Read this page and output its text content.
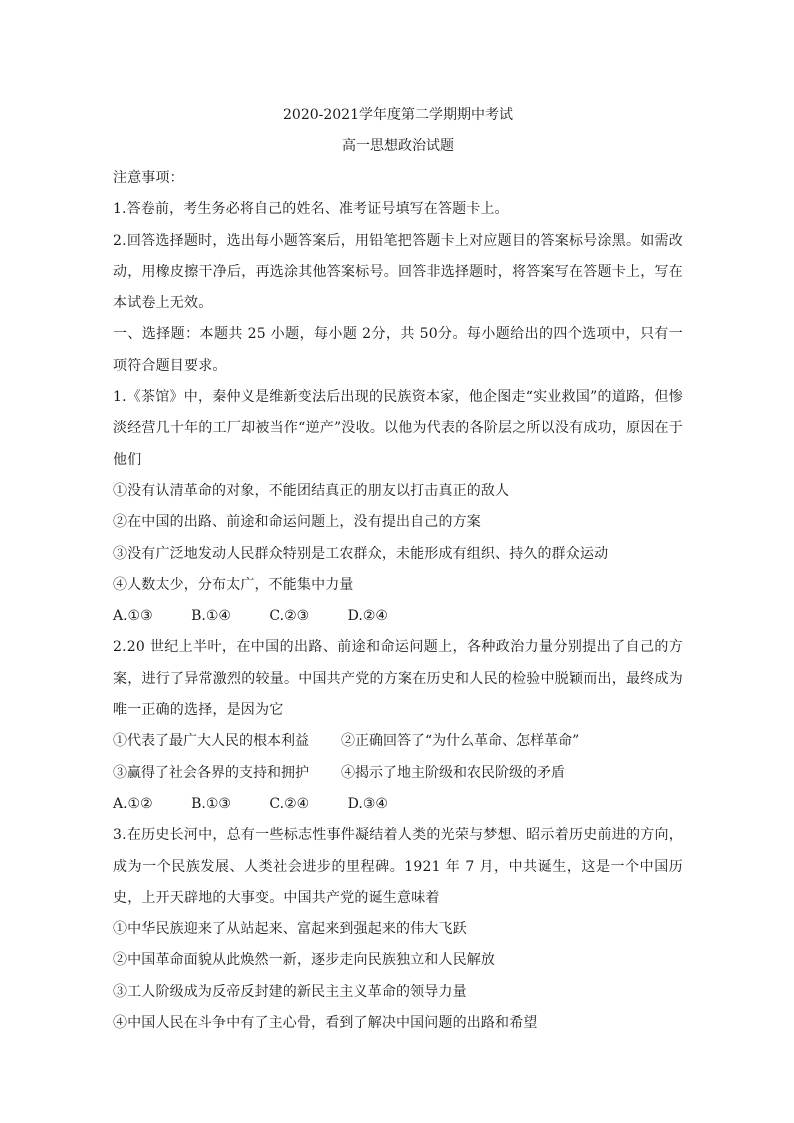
2020-2021学年度第二学期期中考试
高一思想政治试题
注意事项：
1.答卷前，考生务必将自己的姓名、准考证号填写在答题卡上。
2.回答选择题时，选出每小题答案后，用铅笔把答题卡上对应题目的答案标号涂黑。如需改动，用橡皮擦干净后，再选涂其他答案标号。回答非选择题时，将答案写在答题卡上，写在本试卷上无效。
一、选择题：本题共 25 小题，每小题 2分，共 50分。每小题给出的四个选项中，只有一项符合题目要求。
1.《茶馆》中，秦仲义是维新变法后出现的民族资本家，他企图走“实业救国”的道路，但惨淡经营几十年的工厂却被当作“逆产”没收。以他为代表的各阶层之所以没有成功，原因在于他们
①没有认清革命的对象，不能团结真正的朋友以打击真正的敌人
②在中国的出路、前途和命运问题上，没有提出自己的方案
③没有广泛地发动人民群众特别是工农群众，未能形成有组织、持久的群众运动
④人数太少，分布太广，不能集中力量
A.①③	B.①④	C.②③	D.②④
2.20 世纪上半叶，在中国的出路、前途和命运问题上，各种政治力量分别提出了自己的方案，进行了异常激烈的较量。中国共产党的方案在历史和人民的检验中脱颖而出，最终成为唯一正确的选择，是因为它
①代表了最广大人民的根本利益 ②正确回答了“为什么革命、怎样革命”
③赢得了社会各界的支持和拥护 ④揭示了地主阶级和农民阶级的矛盾
A.①②	B.①③	C.②④	D.③④
3.在历史长河中，总有一些标志性事件凝结着人类的光荣与梦想、昭示着历史前进的方向，成为一个民族发展、人类社会进步的里程碑。1921 年 7 月，中共诞生，这是一个中国历史，上开天辟地的大事变。中国共产党的诞生意味着
①中华民族迎来了从站起来、富起来到强起来的伟大飞跃
②中国革命面貌从此焕然一新，逐步走向民族独立和人民解放
③工人阶级成为反帝反封建的新民主主义革命的领导力量
④中国人民在斗争中有了主心骨，看到了解决中国问题的出路和希望
